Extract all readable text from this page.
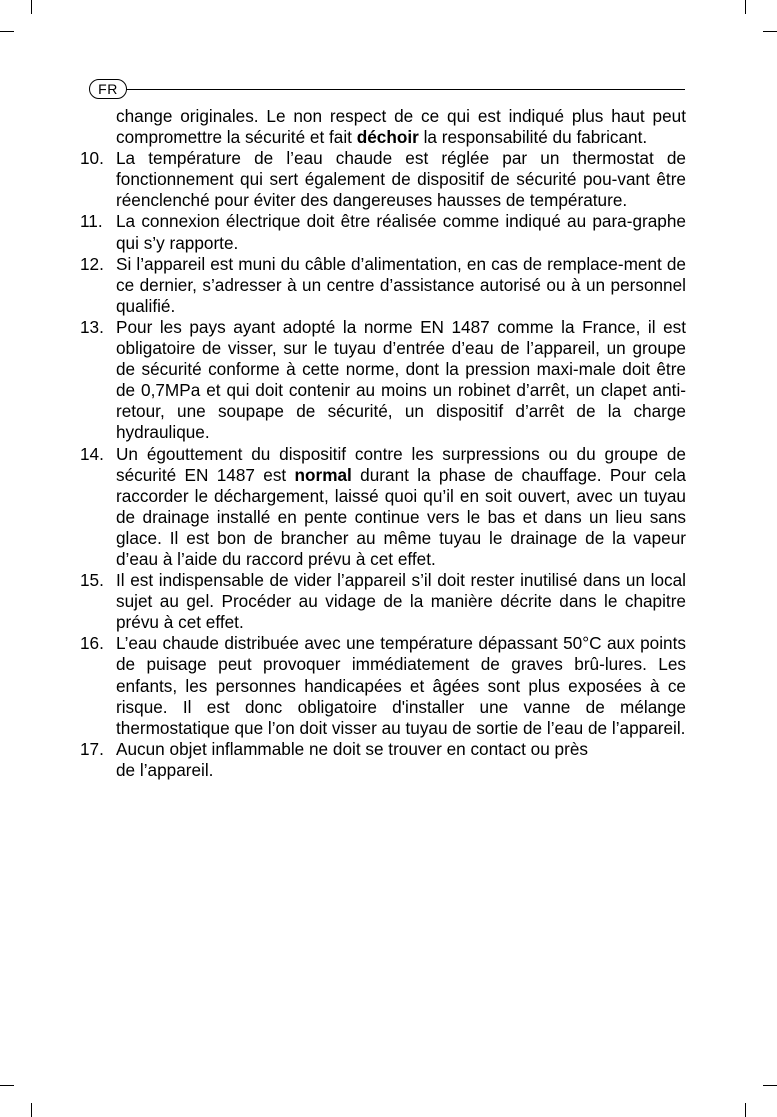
FR

change originales. Le non respect de ce qui est indiqué plus haut peut compromettre la sécurité et fait déchoir la responsabilité du fabricant.

10. La température de l’eau chaude est réglée par un thermostat de fonctionnement qui sert également de dispositif de sécurité pou-vant être réenclenché pour éviter des dangereuses hausses de température.

11. La connexion électrique doit être réalisée comme indiqué au para-graphe qui s’y rapporte.

12. Si l’appareil est muni du câble d’alimentation, en cas de remplace-ment de ce dernier, s’adresser à un centre d’assistance autorisé ou à un personnel qualifié.

13. Pour les pays ayant adopté la norme EN 1487 comme la France, il est obligatoire de visser, sur le tuyau d’entrée d’eau de l’appareil, un groupe de sécurité conforme à cette norme, dont la pression maxi-male doit être de 0,7MPa et qui doit contenir au moins un robinet d’arrêt, un clapet anti-retour, une soupape de sécurité, un dispositif d’arrêt de la charge hydraulique.

14. Un égouttement du dispositif contre les surpressions ou du groupe de sécurité EN 1487 est normal durant la phase de chauffage. Pour cela raccorder le déchargement, laissé quoi qu’il en soit ouvert, avec un tuyau de drainage installé en pente continue vers le bas et dans un lieu sans glace. Il est bon de brancher au même tuyau le drainage de la vapeur d’eau à l’aide du raccord prévu à cet effet.

15. Il est indispensable de vider l’appareil s’il doit rester inutilisé dans un local sujet au gel. Procéder au vidage de la manière décrite dans le chapitre prévu à cet effet.

16. L’eau chaude distribuée avec une température dépassant 50°C aux points de puisage peut provoquer immédiatement de graves brû-lures. Les enfants, les personnes handicapées et âgées sont plus exposées à ce risque. Il est donc obligatoire d'installer une vanne de mélange thermostatique que l’on doit visser au tuyau de sortie de l’eau de l’appareil.

17. Aucun objet inflammable ne doit se trouver en contact ou près
de l’appareil.
